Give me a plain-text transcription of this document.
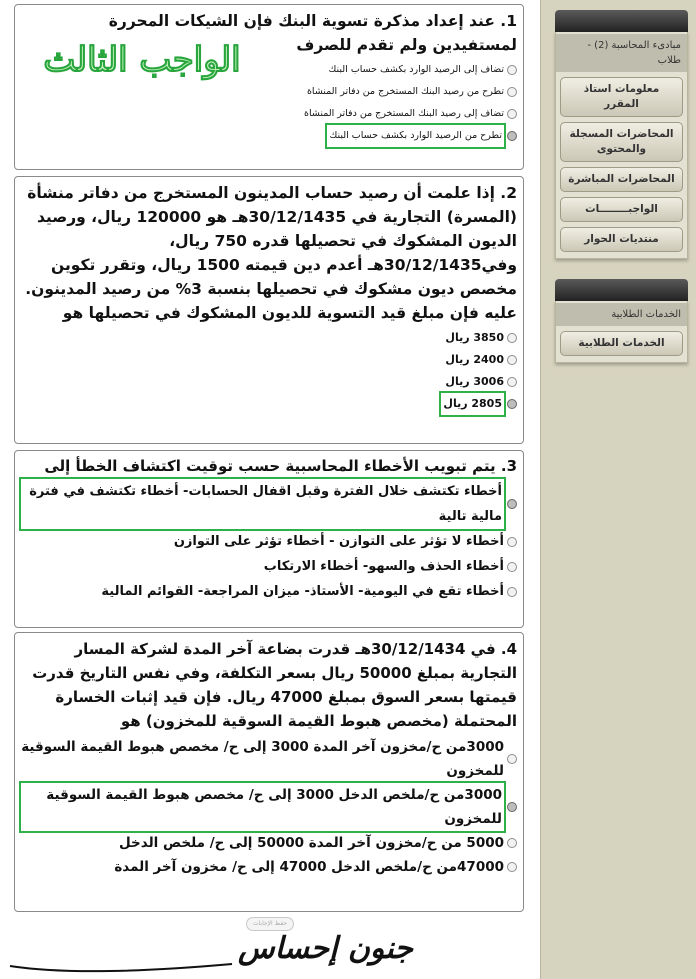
1. عند إعداد مذكرة تسوية البنك فإن الشيكات المحررة لمستفيدين ولم تقدم للصرف
تضاف إلى الرصيد الوارد بكشف حساب البنك
تطرح من رصيد البنك المستخرج من دفاتر المنشاة
تضاف إلى رصيد البنك المستخرج من دفاتر المنشاة
تطرح من الرصيد الوارد بكشف حساب البنك
الواجب الثالث
2. إذا علمت أن رصيد حساب المدينون المستخرج من دفاتر منشأة (المسرة) التجارية في 30/12/1435هـ هو 120000 ريال، ورصيد الديون المشكوك في تحصيلها قدره 750 ريال، وفي30/12/1435هـ أعدم دين قيمته 1500 ريال، وتقرر تكوين مخصص ديون مشكوك في تحصيلها بنسبة 3% من رصيد المدينون. عليه فإن مبلغ قيد التسوية للديون المشكوك في تحصيلها هو
3850 ريال
2400 ريال
3006 ريال
2805 ريال
3. يتم تبويب الأخطاء المحاسبية حسب توقيت اكتشاف الخطأ إلى
أخطاء تكتشف خلال الفترة وقبل اقفال الحسابات- أخطاء تكتشف في فترة مالية تالية
أخطاء لا تؤثر على التوازن - أخطاء تؤثر على التوازن
أخطاء الحذف والسهو- أخطاء الارتكاب
أخطاء تقع في اليومية- الأستاذ- ميزان المراجعة- القوائم المالية
4. في 30/12/1434هـ قدرت بضاعة آخر المدة لشركة المسار التجارية بمبلغ 50000 ريال بسعر التكلفة، وفي نفس التاريخ قدرت قيمتها بسعر السوق بمبلغ 47000 ريال. فإن قيد إثبات الخسارة المحتملة (مخصص هبوط القيمة السوقية للمخزون) هو
3000من ح/مخزون آخر المدة 3000 إلى ح/ مخصص هبوط القيمة السوقية للمخزون
3000من ح/ملخص الدخل 3000 إلى ح/ مخصص هبوط القيمة السوقية للمخزون
5000 من ح/مخزون آخر المدة 50000 إلى ح/ ملخص الدخل
47000من ح/ملخص الدخل 47000 إلى ح/ مخزون آخر المدة
حفظ الإجابات
جنون إحساس
مبادىء المحاسبة (2) - طلاب
معلومات استاذ المقرر
المحاضرات المسجلة والمحتوى
المحاضرات المباشرة
الواجبــــــــات
منتديات الحوار
الخدمات الطلابية
الخدمات الطلابية
